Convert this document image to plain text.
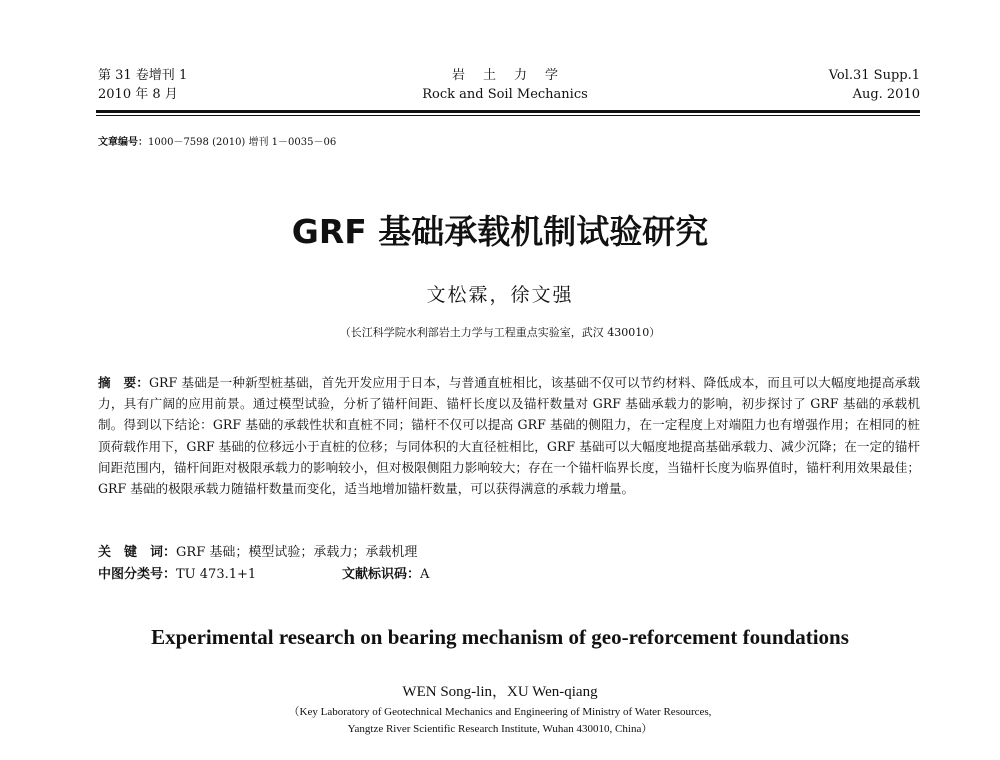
第 31 卷增刊 1
2010 年 8 月
岩土力学
Rock and Soil Mechanics
Vol.31 Supp.1
Aug. 2010
文章编号：1000－7598 (2010) 增刊 1－0035－06
GRF 基础承载机制试验研究
文松霖，徐文强
（长江科学院水利部岩土力学与工程重点实验室，武汉 430010）
摘　要：GRF 基础是一种新型桩基础，首先开发应用于日本，与普通直桩相比，该基础不仅可以节约材料、降低成本，而且可以大幅度地提高承载力，具有广阔的应用前景。通过模型试验，分析了锚杆间距、锚杆长度以及锚杆数量对 GRF 基础承载力的影响，初步探讨了 GRF 基础的承载机制。得到以下结论：GRF 基础的承载性状和直桩不同；锚杆不仅可以提高 GRF 基础的侧阻力，在一定程度上对端阻力也有增强作用；在相同的桩顶荷载作用下，GRF 基础的位移远小于直桩的位移；与同体积的大直径桩相比，GRF 基础可以大幅度地提高基础承载力、减少沉降；在一定的锚杆间距范围内，锚杆间距对极限承载力的影响较小，但对极限侧阻力影响较大；存在一个锚杆临界长度，当锚杆长度为临界值时，锚杆利用效果最佳；GRF 基础的极限承载力随锚杆数量而变化，适当地增加锚杆数量，可以获得满意的承载力增量。
关　键　词：GRF 基础；模型试验；承载力；承载机理
中图分类号：TU 473.1+1	文献标识码：A
Experimental research on bearing mechanism of geo-reforcement foundations
WEN Song-lin，XU Wen-qiang
（Key Laboratory of Geotechnical Mechanics and Engineering of Ministry of Water Resources,
Yangtze River Scientific Research Institute, Wuhan 430010, China）
